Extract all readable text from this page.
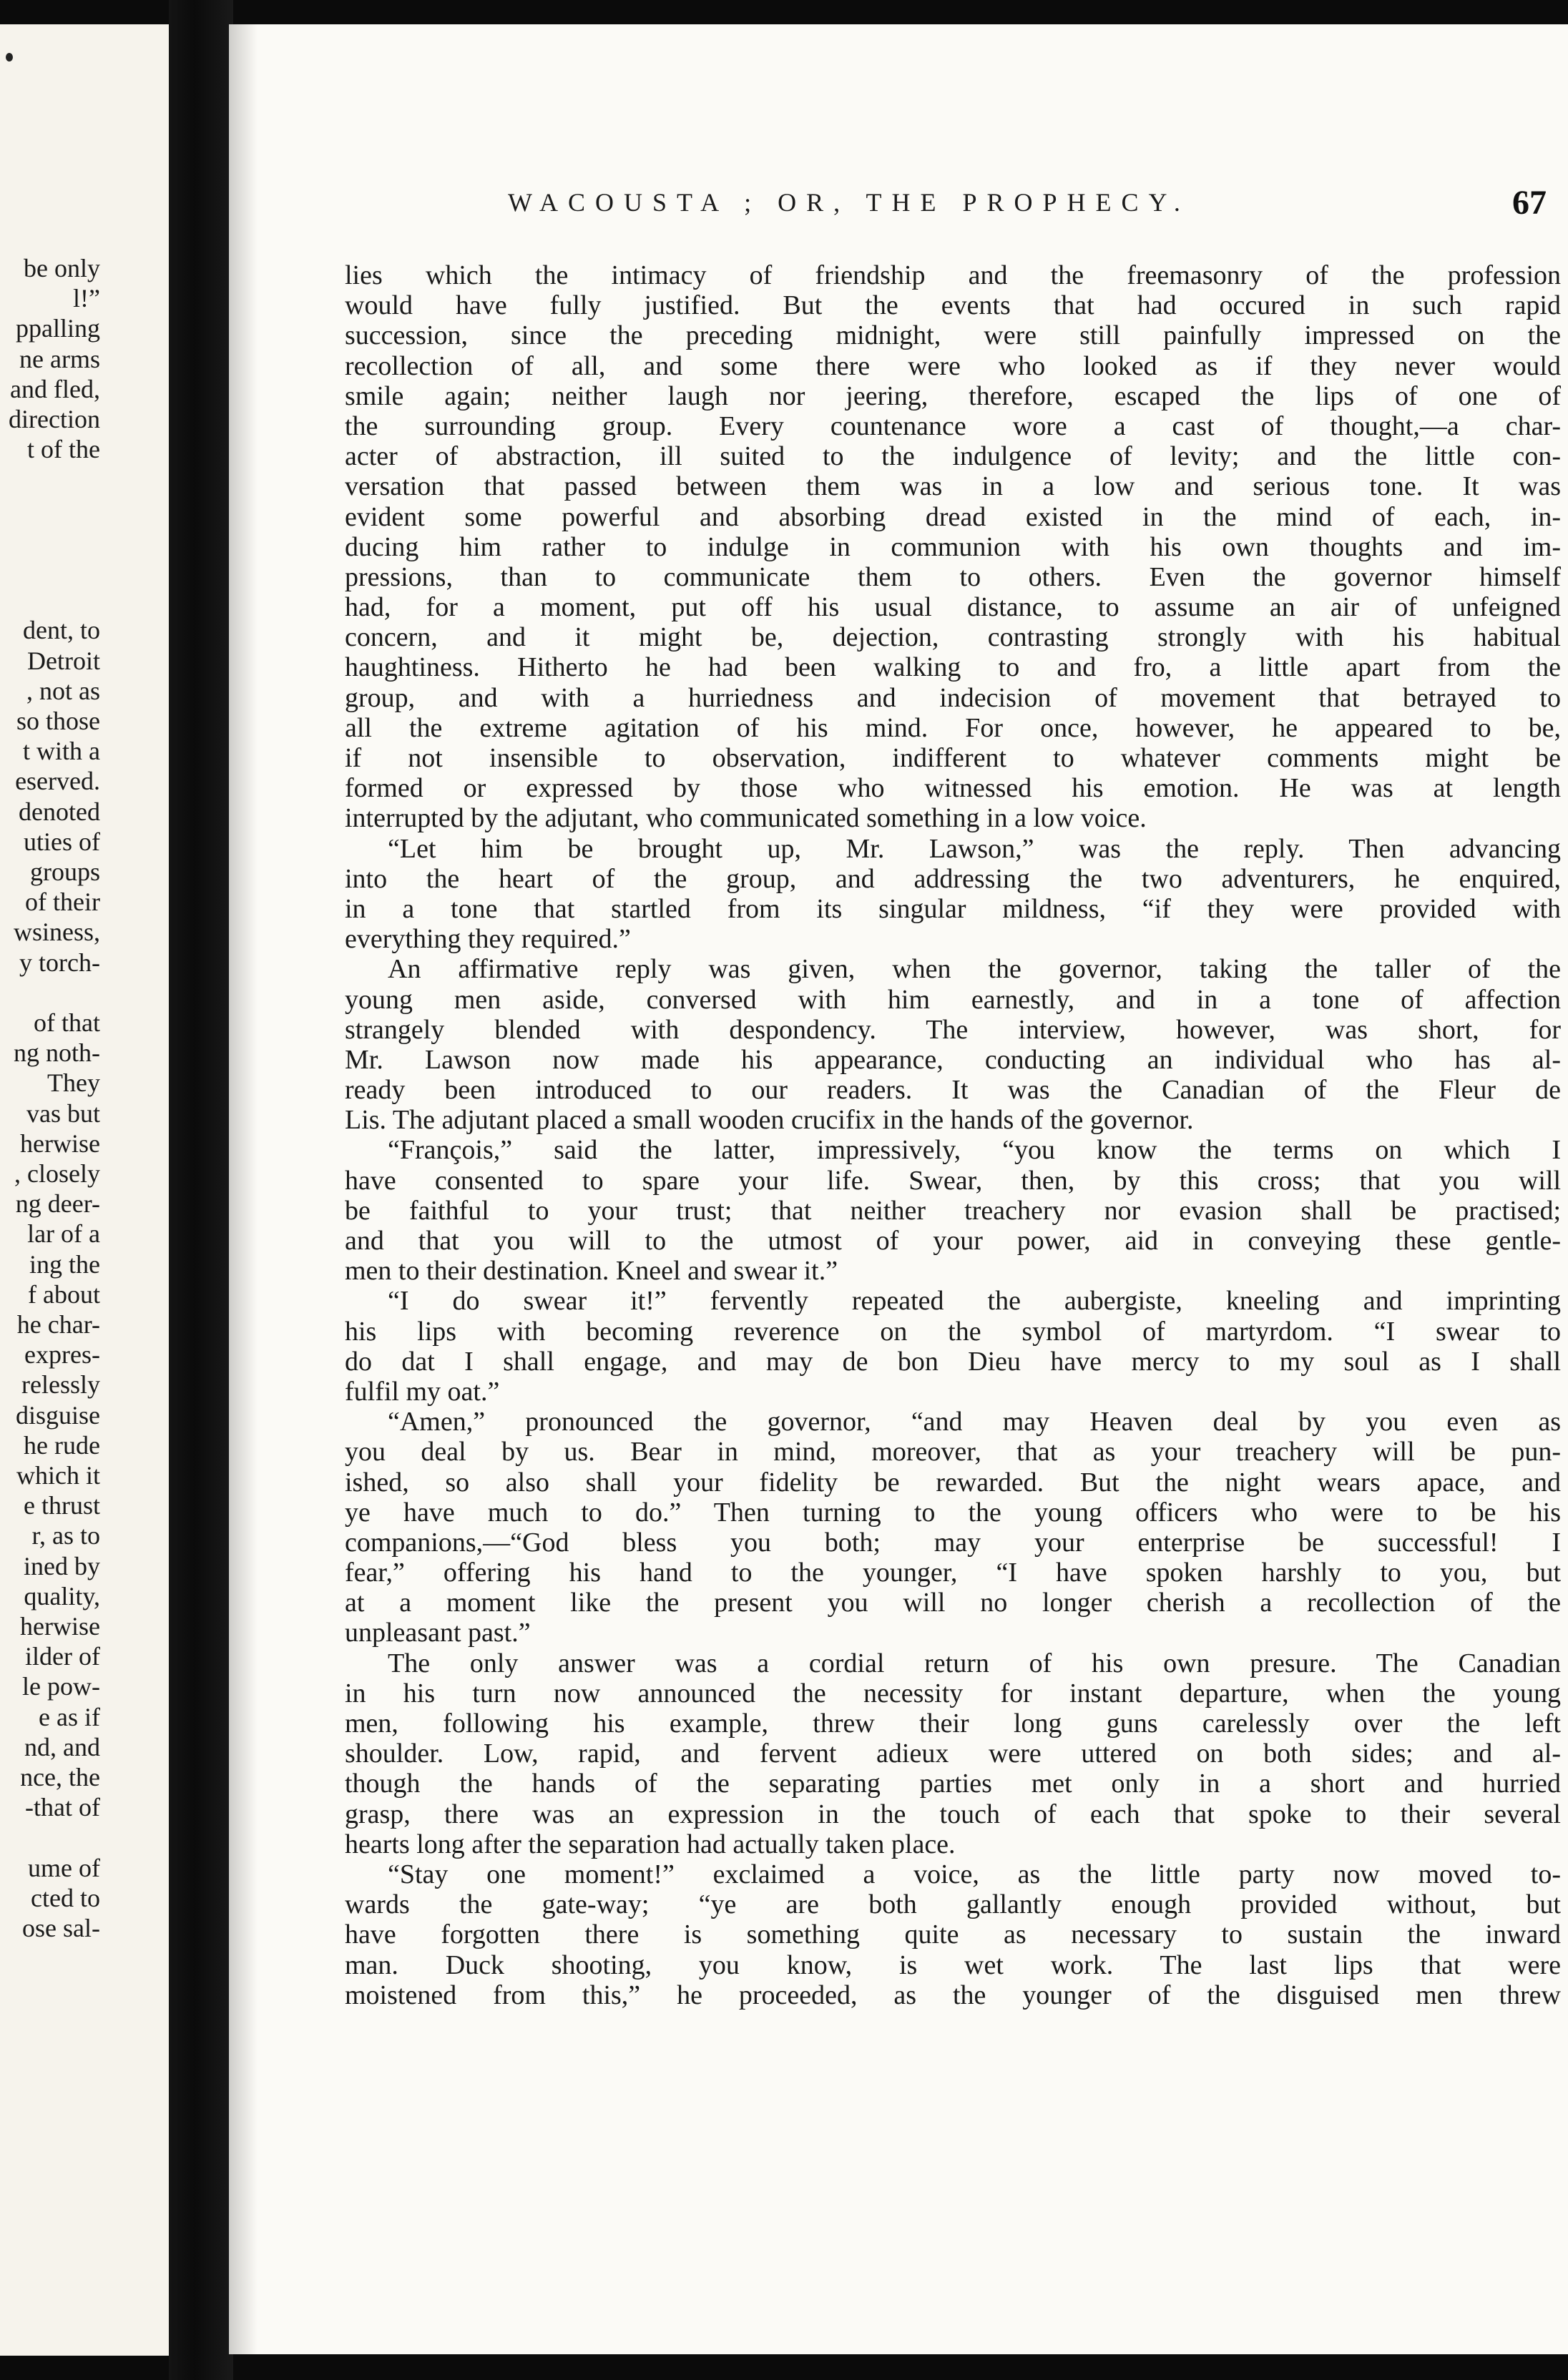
be only
l!”
ppalling
ne arms
and fled,
direction
t of the
dent, to
Detroit
, not as
so those
t with a
eserved.
denoted
uties of
groups
of their
wsiness,
y torch-
of that
ng noth-
They
vas but
herwise
, closely
ng deer-
lar of a
ing the
f about
he char-
expres-
relessly
disguise
he rude
which it
e thrust
r, as to
ined by
quality,
herwise
ilder of
le pow-
e as if
nd, and
nce, the
-that of
ume of
cted to
ose sal-
WACOUSTA ; OR, THE PROPHECY.	67
lies which the intimacy of friendship and the freemasonry of the profession
would have fully justified. But the events that had occured in such rapid
succession, since the preceding midnight, were still painfully impressed on the
recollection of all, and some there were who looked as if they never would
smile again; neither laugh nor jeering, therefore, escaped the lips of one of
the surrounding group. Every countenance wore a cast of thought,—a char-
acter of abstraction, ill suited to the indulgence of levity; and the little con-
versation that passed between them was in a low and serious tone. It was
evident some powerful and absorbing dread existed in the mind of each, in-
ducing him rather to indulge in communion with his own thoughts and im-
pressions, than to communicate them to others. Even the governor himself
had, for a moment, put off his usual distance, to assume an air of unfeigned
concern, and it might be, dejection, contrasting strongly with his habitual
haughtiness. Hitherto he had been walking to and fro, a little apart from the
group, and with a hurriedness and indecision of movement that betrayed to
all the extreme agitation of his mind. For once, however, he appeared to be,
if not insensible to observation, indifferent to whatever comments might be
formed or expressed by those who witnessed his emotion. He was at length
interrupted by the adjutant, who communicated something in a low voice.
“Let him be brought up, Mr. Lawson,” was the reply. Then advancing
into the heart of the group, and addressing the two adventurers, he enquired,
in a tone that startled from its singular mildness, “if they were provided with
everything they required.”
An affirmative reply was given, when the governor, taking the taller of the
young men aside, conversed with him earnestly, and in a tone of affection
strangely blended with despondency. The interview, however, was short, for
Mr. Lawson now made his appearance, conducting an individual who has al-
ready been introduced to our readers. It was the Canadian of the Fleur de
Lis. The adjutant placed a small wooden crucifix in the hands of the governor.
“François,” said the latter, impressively, “you know the terms on which I
have consented to spare your life. Swear, then, by this cross; that you will
be faithful to your trust; that neither treachery nor evasion shall be practised;
and that you will to the utmost of your power, aid in conveying these gentle-
men to their destination. Kneel and swear it.”
“I do swear it!” fervently repeated the aubergiste, kneeling and imprinting
his lips with becoming reverence on the symbol of martyrdom. “I swear to
do dat I shall engage, and may de bon Dieu have mercy to my soul as I shall
fulfil my oat.”
“Amen,” pronounced the governor, “and may Heaven deal by you even as
you deal by us. Bear in mind, moreover, that as your treachery will be pun-
ished, so also shall your fidelity be rewarded. But the night wears apace, and
ye have much to do.” Then turning to the young officers who were to be his
companions,—“God bless you both; may your enterprise be successful! I
fear,” offering his hand to the younger, “I have spoken harshly to you, but
at a moment like the present you will no longer cherish a recollection of the
unpleasant past.”
The only answer was a cordial return of his own presure. The Canadian
in his turn now announced the necessity for instant departure, when the young
men, following his example, threw their long guns carelessly over the left
shoulder. Low, rapid, and fervent adieux were uttered on both sides; and al-
though the hands of the separating parties met only in a short and hurried
grasp, there was an expression in the touch of each that spoke to their several
hearts long after the separation had actually taken place.
“Stay one moment!” exclaimed a voice, as the little party now moved to-
wards the gate-way; “ye are both gallantly enough provided without, but
have forgotten there is something quite as necessary to sustain the inward
man. Duck shooting, you know, is wet work. The last lips that were
moistened from this,” he proceeded, as the younger of the disguised men threw
